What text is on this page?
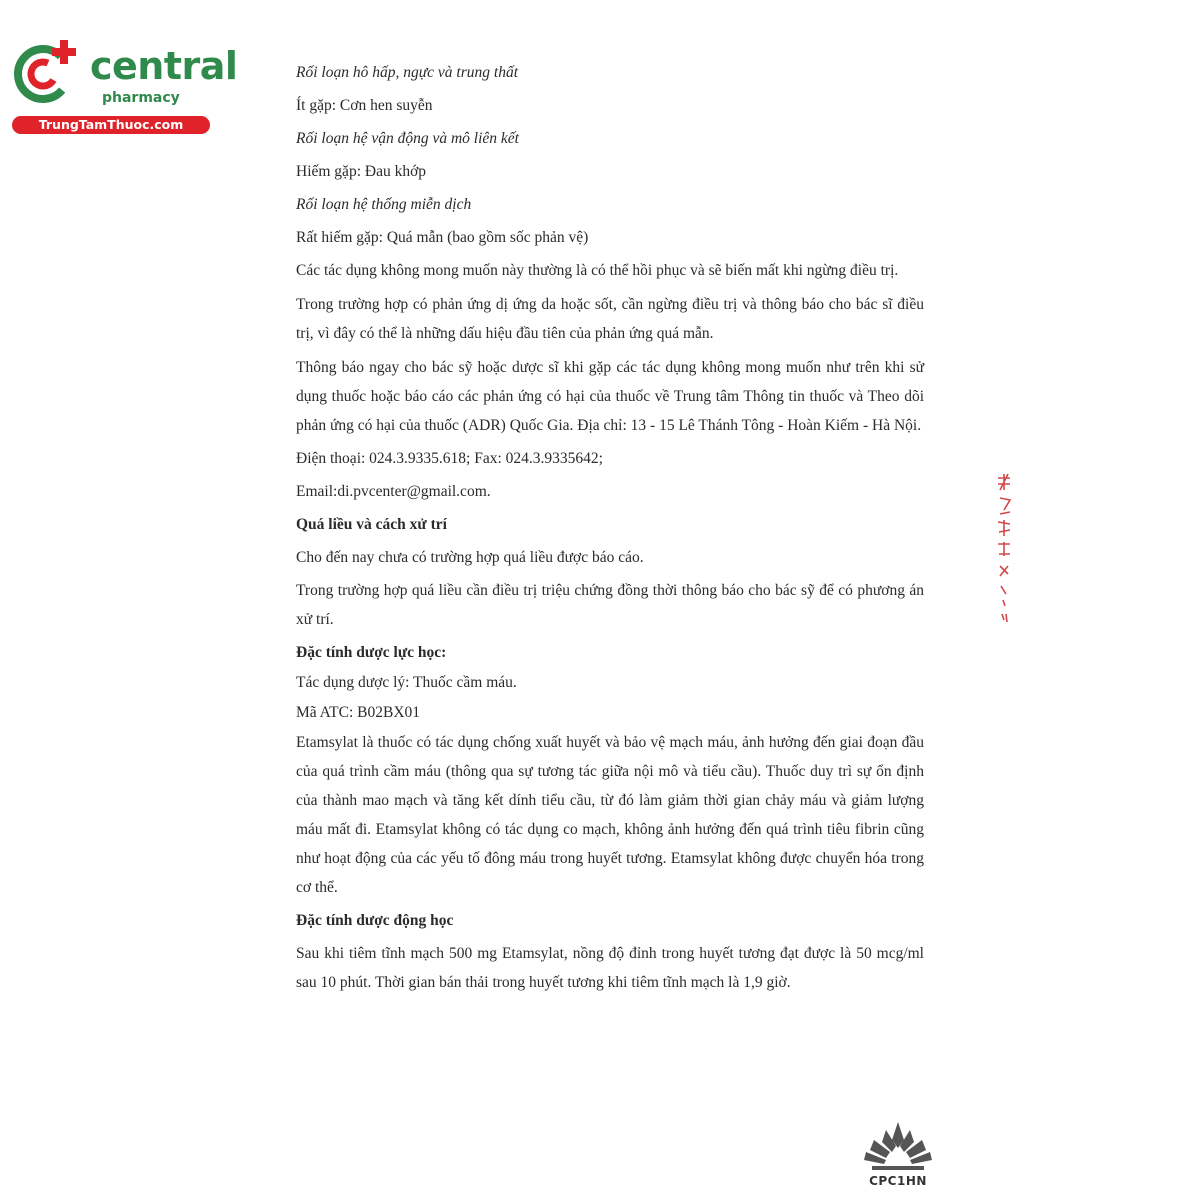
central
pharmacy
TrungTamThuoc.com

Rối loạn hô hấp, ngực và trung thất

Ít gặp: Cơn hen suyễn

Rối loạn hệ vận động và mô liên kết

Hiếm gặp: Đau khớp

Rối loạn hệ thống miễn dịch

Rất hiếm gặp: Quá mẫn (bao gồm sốc phản vệ)

Các tác dụng không mong muốn này thường là có thể hồi phục và sẽ biến mất khi ngừng điều trị.

Trong trường hợp có phản ứng dị ứng da hoặc sốt, cần ngừng điều trị và thông báo cho bác sĩ điều trị, vì đây có thể là những dấu hiệu đầu tiên của phản ứng quá mẫn.

Thông báo ngay cho bác sỹ hoặc dược sĩ khi gặp các tác dụng không mong muốn như trên khi sử dụng thuốc hoặc báo cáo các phản ứng có hại của thuốc về Trung tâm Thông tin thuốc và Theo dõi phản ứng có hại của thuốc (ADR) Quốc Gia. Địa chỉ: 13 - 15 Lê Thánh Tông - Hoàn Kiếm - Hà Nội.

Điện thoại: 024.3.9335.618; Fax: 024.3.9335642;

Email:di.pvcenter@gmail.com.

Quá liều và cách xử trí

Cho đến nay chưa có trường hợp quá liều được báo cáo.

Trong trường hợp quá liều cần điều trị triệu chứng đồng thời thông báo cho bác sỹ để có phương án xử trí.

Đặc tính dược lực học:

Tác dụng dược lý: Thuốc cầm máu.

Mã ATC: B02BX01

Etamsylat là thuốc có tác dụng chống xuất huyết và bảo vệ mạch máu, ảnh hưởng đến giai đoạn đầu của quá trình cầm máu (thông qua sự tương tác giữa nội mô và tiểu cầu). Thuốc duy trì sự ổn định của thành mao mạch và tăng kết dính tiểu cầu, từ đó làm giảm thời gian chảy máu và giảm lượng máu mất đi. Etamsylat không có tác dụng co mạch, không ảnh hưởng đến quá trình tiêu fibrin cũng như hoạt động của các yếu tố đông máu trong huyết tương. Etamsylat không được chuyển hóa trong cơ thể.

Đặc tính dược động học

Sau khi tiêm tĩnh mạch 500 mg Etamsylat, nồng độ đỉnh trong huyết tương đạt được là 50 mcg/ml sau 10 phút. Thời gian bán thải trong huyết tương khi tiêm tĩnh mạch là 1,9 giờ.

CPC1HN
